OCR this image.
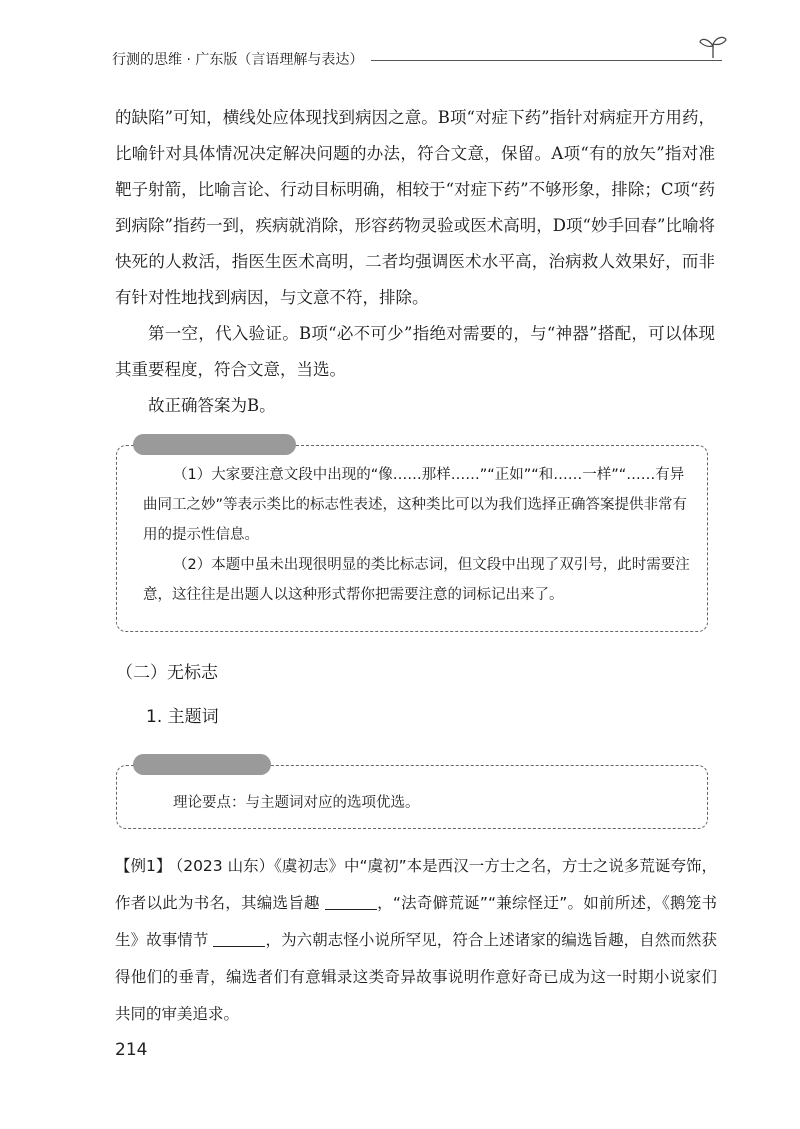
行测的思维 · 广东版（言语理解与表达）

的缺陷”可知，横线处应体现找到病因之意。B项“对症下药”指针对病症开方用药，比喻针对具体情况决定解决问题的办法，符合文意，保留。A项“有的放矢”指对准靶子射箭，比喻言论、行动目标明确，相较于“对症下药”不够形象，排除；C项“药到病除”指药一到，疾病就消除，形容药物灵验或医术高明，D项“妙手回春”比喻将快死的人救活，指医生医术高明，二者均强调医术水平高，治病救人效果好，而非有针对性地找到病因，与文意不符，排除。

第一空，代入验证。B项“必不可少”指绝对需要的，与“神器”搭配，可以体现其重要程度，符合文意，当选。

故正确答案为B。

​

（1）大家要注意文段中出现的“像……那样……”“正如”“和……一样”“……有异曲同工之妙”等表示类比的标志性表述，这种类比可以为我们选择正确答案提供非常有用的提示性信息。

（2）本题中虽未出现很明显的类比标志词，但文段中出现了双引号，此时需要注意，这往往是出题人以这种形式帮你把需要注意的词标记出来了。

（二）无标志
1. 主题词
​

理论要点：与主题词对应的选项优选。

【例1】 （2023 山东）《虞初志》中“虞初”本是西汉一方士之名，方士之说多荒诞夸饰，作者以此为书名，其编选旨趣	，“法奇僻荒诞”“兼综怪迂”。如前所述，《鹅笼书生》故事情节	，为六朝志怪小说所罕见，符合上述诸家的编选旨趣，自然而然获得他们的垂青，编选者们有意辑录这类奇异故事说明作意好奇已成为这一时期小说家们共同的审美追求。

214
